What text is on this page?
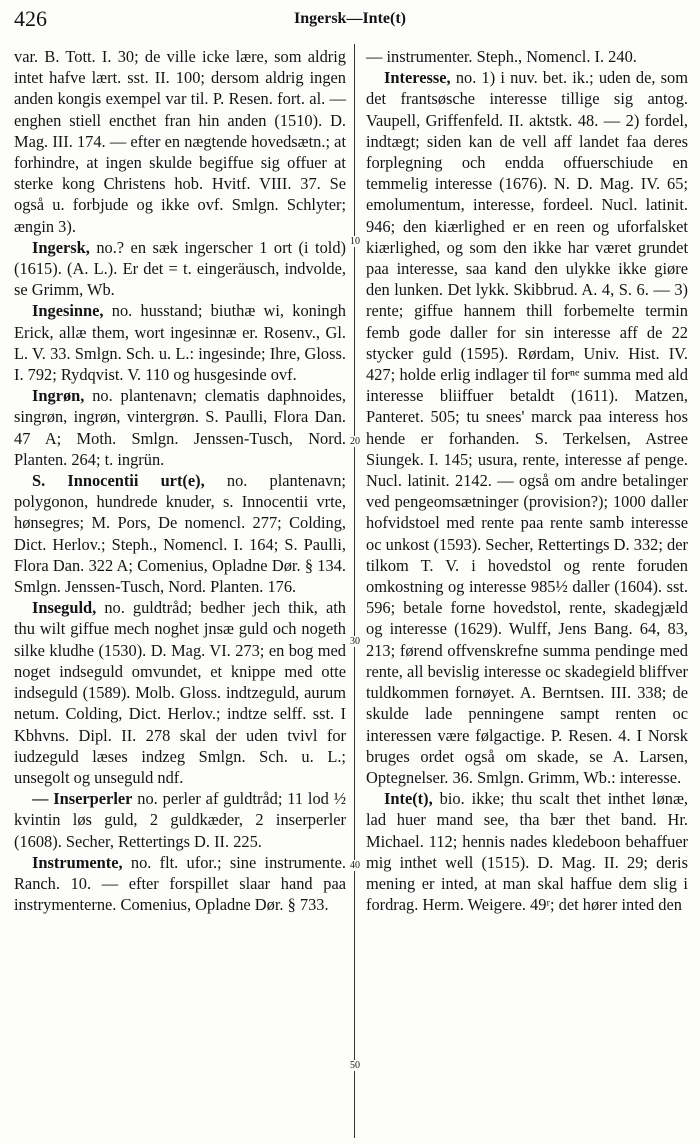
426	Ingersk—Inte(t)
10
20
30
40
50

var. B. Tott. I. 30; de ville icke lære, som aldrig intet hafve lært. sst. II. 100; dersom aldrig ingen anden kongis exempel var til. P. Resen. fort. al. — enghen stiell encthet fran hin anden (1510). D. Mag. III. 174. — efter en nægtende hovedsætn.; at forhindre, at ingen skulde begiffue sig offuer at sterke kong Christens hob. Hvitf. VIII. 37. Se også u. forbjude og ikke ovf. Smlgn. Schlyter; ængin 3).

Ingersk, no.? en sæk ingerscher 1 ort (i told) (1615). (A. L.). Er det = t. eingeräusch, indvolde, se Grimm, Wb.

Ingesinne, no. husstand; biuthæ wi, koningh Erick, allæ them, wort ingesinnæ er. Rosenv., Gl. L. V. 33. Smlgn. Sch. u. L.: ingesinde; Ihre, Gloss. I. 792; Rydqvist. V. 110 og husgesinde ovf.

Ingrøn, no. plantenavn; clematis daphnoides, singrøn, ingrøn, vintergrøn. S. Paulli, Flora Dan. 47 A; Moth. Smlgn. Jenssen-Tusch, Nord. Planten. 264; t. ingrün.

S. Innocentii urt(e), no. plantenavn; polygonon, hundrede knuder, s. Innocentii vrte, hønsegres; M. Pors, De nomencl. 277; Colding, Dict. Herlov.; Steph., Nomencl. I. 164; S. Paulli, Flora Dan. 322 A; Comenius, Opladne Dør. § 134. Smlgn. Jenssen-Tusch, Nord. Planten. 176.

Inseguld, no. guldtråd; bedher jech thik, ath thu wilt giffue mech noghet jnsæ guld och nogeth silke kludhe (1530). D. Mag. VI. 273; en bog med noget indseguld omvundet, et knippe med otte indseguld (1589). Molb. Gloss. indtzeguld, aurum netum. Colding, Dict. Herlov.; indtze selff. sst. I Kbhvns. Dipl. II. 278 skal der uden tvivl for iudzeguld læses indzeg Smlgn. Sch. u. L.; unsegolt og unseguld ndf.

— Inserperler no. perler af guldtråd; 11 lod ½ kvintin løs guld, 2 guldkæder, 2 inserperler (1608). Secher, Rettertings D. II. 225.

Instrumente, no. flt. ufor.; sine instrumente. Ranch. 10. — efter forspillet slaar hand paa instrymenterne. Comenius, Opladne Dør. § 733.

— instrumenter. Steph., Nomencl. I. 240.

Interesse, no. 1) i nuv. bet. ik.; uden de, som det frantsøsche interesse tillige sig antog. Vaupell, Griffenfeld. II. aktstk. 48. — 2) fordel, indtægt; siden kan de vell aff landet faa deres forplegning och endda offuerschiude en temmelig interesse (1676). N. D. Mag. IV. 65; emolumentum, interesse, fordeel. Nucl. latinit. 946; den kiærlighed er en reen og uforfalsket kiærlighed, og som den ikke har været grundet paa interesse, saa kand den ulykke ikke giøre den lunken. Det lykk. Skibbrud. A. 4, S. 6. — 3) rente; giffue hannem thill forbemelte termin femb gode daller for sin interesse aff de 22 stycker guld (1595). Rørdam, Univ. Hist. IV. 427; holde erlig indlager til forⁿᵉ summa med ald interesse bliiffuer betaldt (1611). Matzen, Panteret. 505; tu snees' marck paa interess hos hende er forhanden. S. Terkelsen, Astree Siungek. I. 145; usura, rente, interesse af penge. Nucl. latinit. 2142. — også om andre betalinger ved pengeomsætninger (provision?); 1000 daller hofvidstoel med rente paa rente samb interesse oc unkost (1593). Secher, Rettertings D. 332; der tilkom T. V. i hovedstol og rente foruden omkostning og interesse 985½ daller (1604). sst. 596; betale forne hovedstol, rente, skadegjæld og interesse (1629). Wulff, Jens Bang. 64, 83, 213; førend offvenskrefne summa pendinge med rente, all bevislig interesse oc skadegield bliffver tuldkommen fornøyet. A. Berntsen. III. 338; de skulde lade penningene sampt renten oc interessen være følgactige. P. Resen. 4. I Norsk bruges ordet også om skade, se A. Larsen, Optegnelser. 36. Smlgn. Grimm, Wb.: interesse.

Inte(t), bio. ikke; thu scalt thet inthet lønæ, lad huer mand see, tha bær thet band. Hr. Michael. 112; hennis nades kledeboon behaffuer mig inthet well (1515). D. Mag. II. 29; deris mening er inted, at man skal haffue dem slig i fordrag. Herm. Weigere. 49ʳ; det hører inted den
